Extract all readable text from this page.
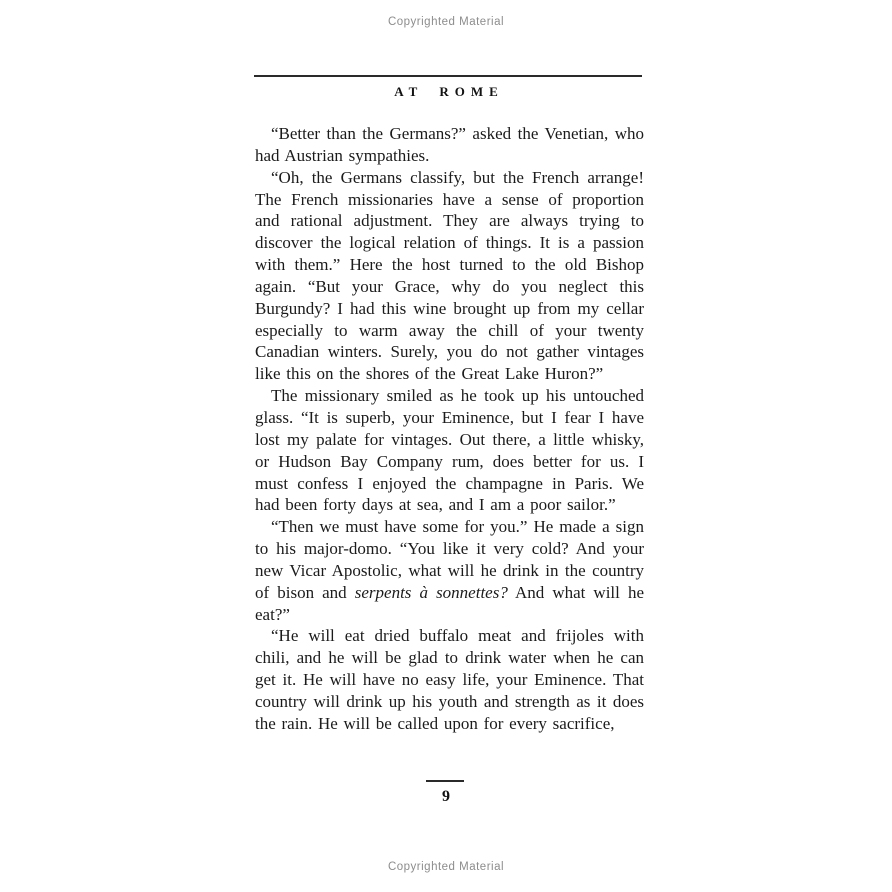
Copyrighted Material
AT ROME

“Better than the Germans?” asked the Venetian, who had Austrian sympathies.

“Oh, the Germans classify, but the French arrange! The French missionaries have a sense of proportion and rational adjustment. They are always trying to discover the logical relation of things. It is a passion with them.” Here the host turned to the old Bishop again. “But your Grace, why do you neglect this Burgundy? I had this wine brought up from my cellar especially to warm away the chill of your twenty Canadian winters. Surely, you do not gather vintages like this on the shores of the Great Lake Huron?”

The missionary smiled as he took up his untouched glass. “It is superb, your Eminence, but I fear I have lost my palate for vintages. Out there, a little whisky, or Hudson Bay Company rum, does better for us. I must confess I enjoyed the champagne in Paris. We had been forty days at sea, and I am a poor sailor.”

“Then we must have some for you.” He made a sign to his major-domo. “You like it very cold? And your new Vicar Apostolic, what will he drink in the country of bison and serpents à sonnettes? And what will he eat?”

“He will eat dried buffalo meat and frijoles with chili, and he will be glad to drink water when he can get it. He will have no easy life, your Eminence. That country will drink up his youth and strength as it does the rain. He will be called upon for every sacrifice,

9
Copyrighted Material
